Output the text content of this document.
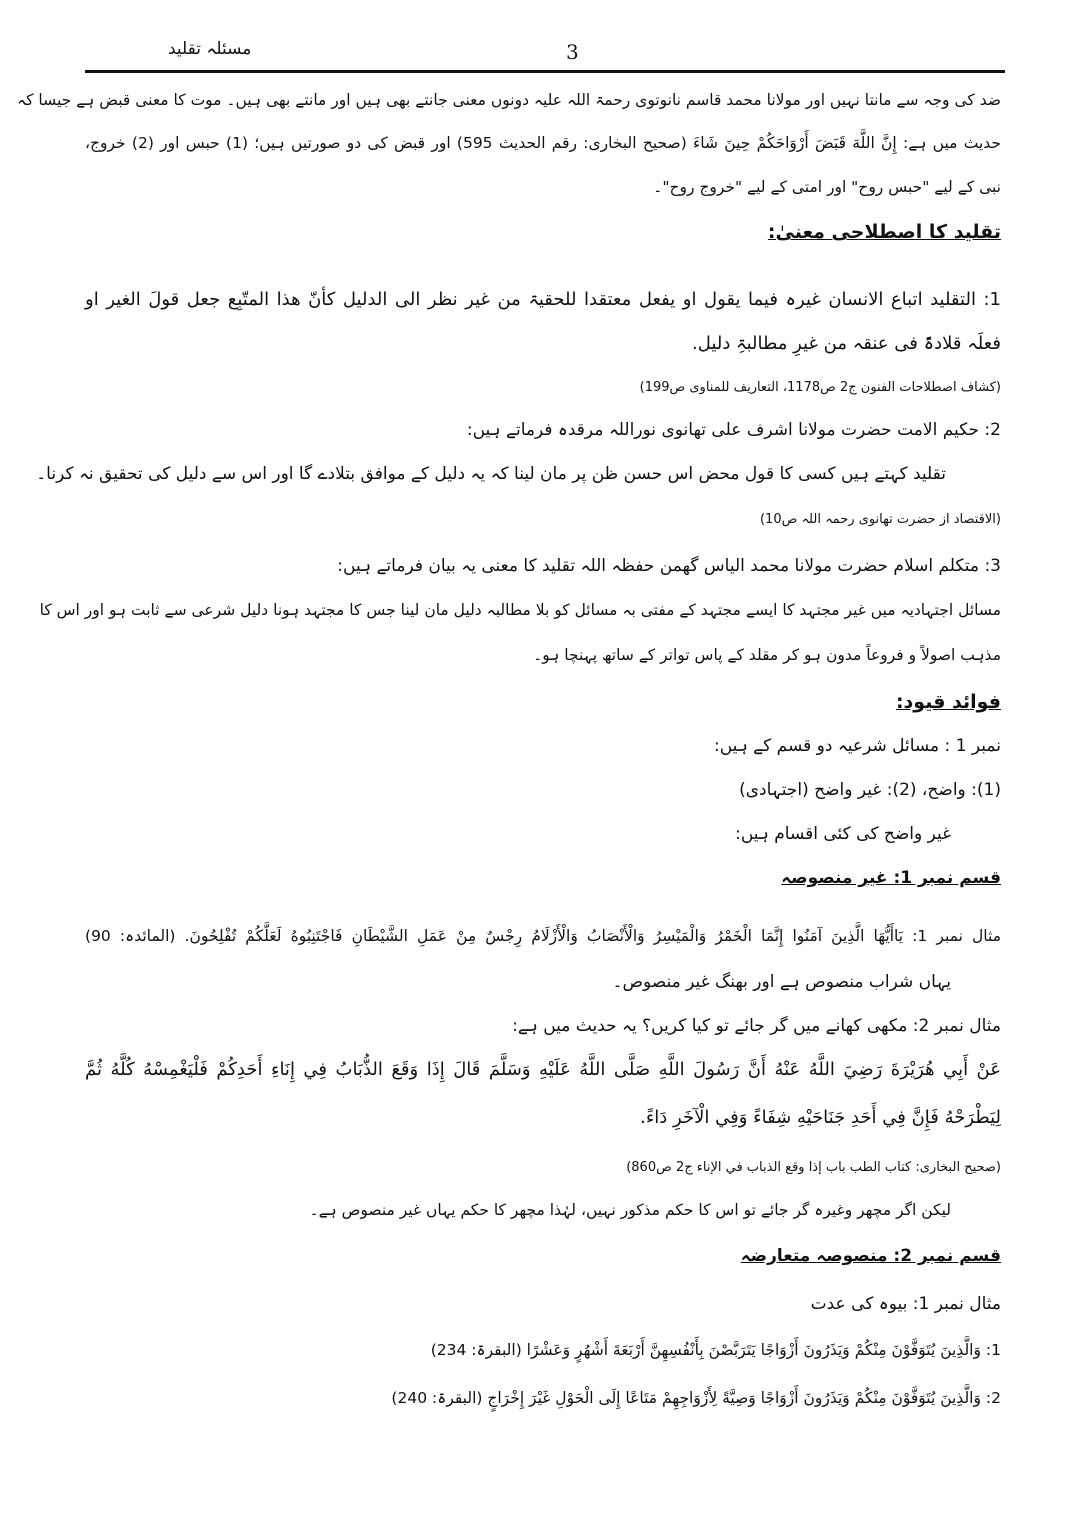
مسئلہ تقلید	3
ضد کی وجہ سے مانتا نہیں اور مولانا محمد قاسم نانوتوی رحمۃ اللہ علیہ دونوں معنی جانتے بھی ہیں اور مانتے بھی ہیں۔ موت کا معنی قبض ہے جیسا کہ
حدیث میں ہے: إِنَّ اللَّهَ قَبَضَ أَرْوَاحَكُمْ حِينَ شَاءَ (صحیح البخاری: رقم الحدیث 595) اور قبض کی دو صورتیں ہیں؛ (1) حبس اور (2) خروج،
نبی کے لیے "حبس روح" اور امتی کے لیے "خروج روح"۔
تقلید کا اصطلاحی معنیٰ:
1: التقلید اتباع الانسان غیرہ فیما یقول او یفعل معتقدا للحقیۃ من غیر نظر الی الدلیل کأنّ ھذا المتّبِع جعل قولَ الغیر او
فعلَہ قلادۃً فی عنقہ من غیرِ مطالبۃِ دلیل.
(کشاف اصطلاحات الفنون ج2 ص1178، التعاریف للمناوی ص199)
2: حکیم الامت حضرت مولانا اشرف علی تھانوی نوراللہ مرقدہ فرماتے ہیں:
تقلید کہتے ہیں کسی کا قول محض اس حسن ظن پر مان لینا کہ یہ دلیل کے موافق بتلادے گا اور اس سے دلیل کی تحقیق نہ کرنا۔
(الاقتصاد از حضرت تھانوی رحمہ اللہ ص10)
3: متکلم اسلام حضرت مولانا محمد الیاس گھمن حفظہ اللہ تقلید کا معنی یہ بیان فرماتے ہیں:
مسائل اجتہادیہ میں غیر مجتہد کا ایسے مجتہد کے مفتی بہ مسائل کو بلا مطالبہ دلیل مان لینا جس کا مجتہد ہونا دلیل شرعی سے ثابت ہو اور اس کا
مذہب اصولاً و فروعاً مدون ہو کر مقلد کے پاس تواتر کے ساتھ پہنچا ہو۔
فوائد قیود:
نمبر 1 : مسائل شرعیہ دو قسم کے ہیں:
(1): واضح، (2): غیر واضح (اجتہادی)
غیر واضح کی کئی اقسام ہیں:
قسم نمبر 1: غیر منصوصہ
مثال نمبر 1: يَاأَيُّهَا الَّذِينَ آمَنُوا إِنَّمَا الْخَمْرُ وَالْمَيْسِرُ وَالْأَنْصَابُ وَالْأَزْلَامُ رِجْسٌ مِنْ عَمَلِ الشَّيْطَانِ فَاجْتَنِبُوهُ لَعَلَّكُمْ تُفْلِحُونَ. (المائدہ: 90)
یہاں شراب منصوص ہے اور بھنگ غیر منصوص۔
مثال نمبر 2: مکھی کھانے میں گر جائے تو کیا کریں؟ یہ حدیث میں ہے:
عَنْ أَبِي هُرَيْرَةَ رَضِيَ اللَّهُ عَنْهُ أَنَّ رَسُولَ اللَّهِ صَلَّى اللَّهُ عَلَيْهِ وَسَلَّمَ قَالَ إِذَا وَقَعَ الذُّبَابُ فِي إِنَاءِ أَحَدِكُمْ فَلْيَغْمِسْهُ كُلَّهُ ثُمَّ
لِيَطْرَحْهُ فَإِنَّ فِي أَحَدِ جَنَاحَيْهِ شِفَاءً وَفِي الْآخَرِ دَاءً.
(صحیح البخاری: کتاب الطب باب إذا وقع الذباب في الإناء ج2 ص860)
لیکن اگر مچھر وغیرہ گر جائے تو اس کا حکم مذکور نہیں، لہٰذا مچھر کا حکم یہاں غیر منصوص ہے۔
قسم نمبر 2: منصوصہ متعارضہ
مثال نمبر 1: بیوہ کی عدت
1: وَالَّذِينَ يُتَوَفَّوْنَ مِنْكُمْ وَيَذَرُونَ أَزْوَاجًا يَتَرَبَّصْنَ بِأَنْفُسِهِنَّ أَرْبَعَةَ أَشْهُرٍ وَعَشْرًا (البقرۃ: 234)
2: وَالَّذِينَ يُتَوَفَّوْنَ مِنْكُمْ وَيَذَرُونَ أَزْوَاجًا وَصِيَّةً لِأَزْوَاجِهِمْ مَتَاعًا إِلَى الْحَوْلِ غَيْرَ إِخْرَاجٍ (البقرۃ: 240)
